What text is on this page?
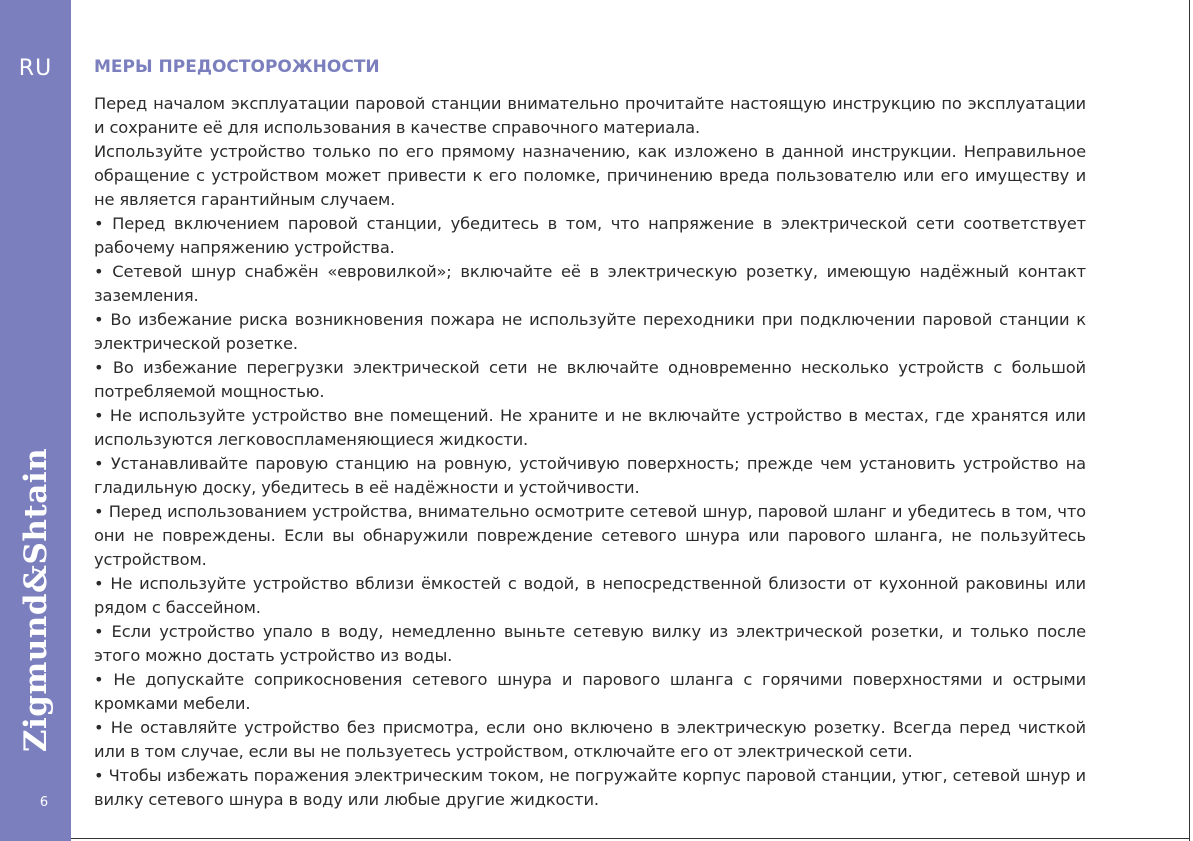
RU
Zigmund&Shtain
6
МЕРЫ ПРЕДОСТОРОЖНОСТИ

Перед началом эксплуатации паровой станции внимательно прочитайте настоящую инструкцию по эксплуатации и сохраните её для использования в качестве справочного материала.

Используйте устройство только по его прямому назначению, как изложено в данной инструкции. Неправильное обращение с устройством может привести к его поломке, причинению вреда пользователю или его имуществу и не является гарантийным случаем.

• Перед включением паровой станции, убедитесь в том, что напряжение в электрической сети соответствует рабочему напряжению устройства.

• Сетевой шнур снабжён «евровилкой»; включайте её в электрическую розетку, имеющую надёжный контакт заземления.

• Во избежание риска возникновения пожара не используйте переходники при подключении паровой станции к электрической розетке.

• Во избежание перегрузки электрической сети не включайте одновременно несколько устройств с большой потребляемой мощностью.

• Не используйте устройство вне помещений. Не храните и не включайте устройство в местах, где хранятся или используются легковоспламеняющиеся жидкости.

• Устанавливайте паровую станцию на ровную, устойчивую поверхность; прежде чем установить устройство на гладильную доску, убедитесь в её надёжности и устойчивости.

• Перед использованием устройства, внимательно осмотрите сетевой шнур, паровой шланг и убедитесь в том, что они не повреждены. Если вы обнаружили повреждение сетевого шнура или парового шланга, не пользуйтесь устройством.

• Не используйте устройство вблизи ёмкостей с водой, в непосредственной близости от кухонной раковины или рядом с бассейном.

• Если устройство упало в воду, немедленно выньте сетевую вилку из электрической розетки, и только после этого можно достать устройство из воды.

• Не допускайте соприкосновения сетевого шнура и парового шланга с горячими поверхностями и острыми кромками мебели.

• Не оставляйте устройство без присмотра, если оно включено в электрическую розетку. Всегда перед чисткой или в том случае, если вы не пользуетесь устройством, отключайте его от электрической сети.

• Чтобы избежать поражения электрическим током, не погружайте корпус паровой станции, утюг, сетевой шнур и вилку сетевого шнура в воду или любые другие жидкости.
